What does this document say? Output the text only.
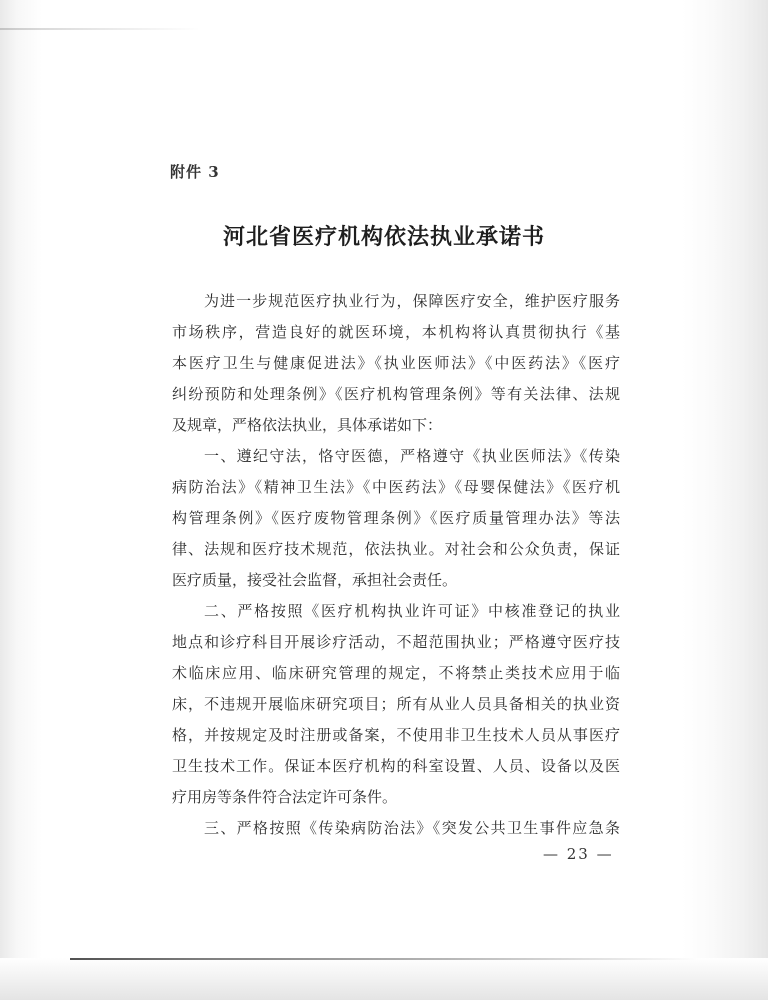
附件 3
河北省医疗机构依法执业承诺书
为进一步规范医疗执业行为，保障医疗安全，维护医疗服务
市场秩序，营造良好的就医环境，本机构将认真贯彻执行《基
本医疗卫生与健康促进法》《执业医师法》《中医药法》《医疗
纠纷预防和处理条例》《医疗机构管理条例》等有关法律、法规
及规章，严格依法执业，具体承诺如下：
一、遵纪守法，恪守医德，严格遵守《执业医师法》《传染
病防治法》《精神卫生法》《中医药法》《母婴保健法》《医疗机
构管理条例》《医疗废物管理条例》《医疗质量管理办法》等法
律、法规和医疗技术规范，依法执业。对社会和公众负责，保证
医疗质量，接受社会监督，承担社会责任。
二、严格按照《医疗机构执业许可证》中核准登记的执业
地点和诊疗科目开展诊疗活动，不超范围执业；严格遵守医疗技
术临床应用、临床研究管理的规定，不将禁止类技术应用于临
床，不违规开展临床研究项目；所有从业人员具备相关的执业资
格，并按规定及时注册或备案，不使用非卫生技术人员从事医疗
卫生技术工作。保证本医疗机构的科室设置、人员、设备以及医
疗用房等条件符合法定许可条件。
三、严格按照《传染病防治法》《突发公共卫生事件应急条
— 23 —
